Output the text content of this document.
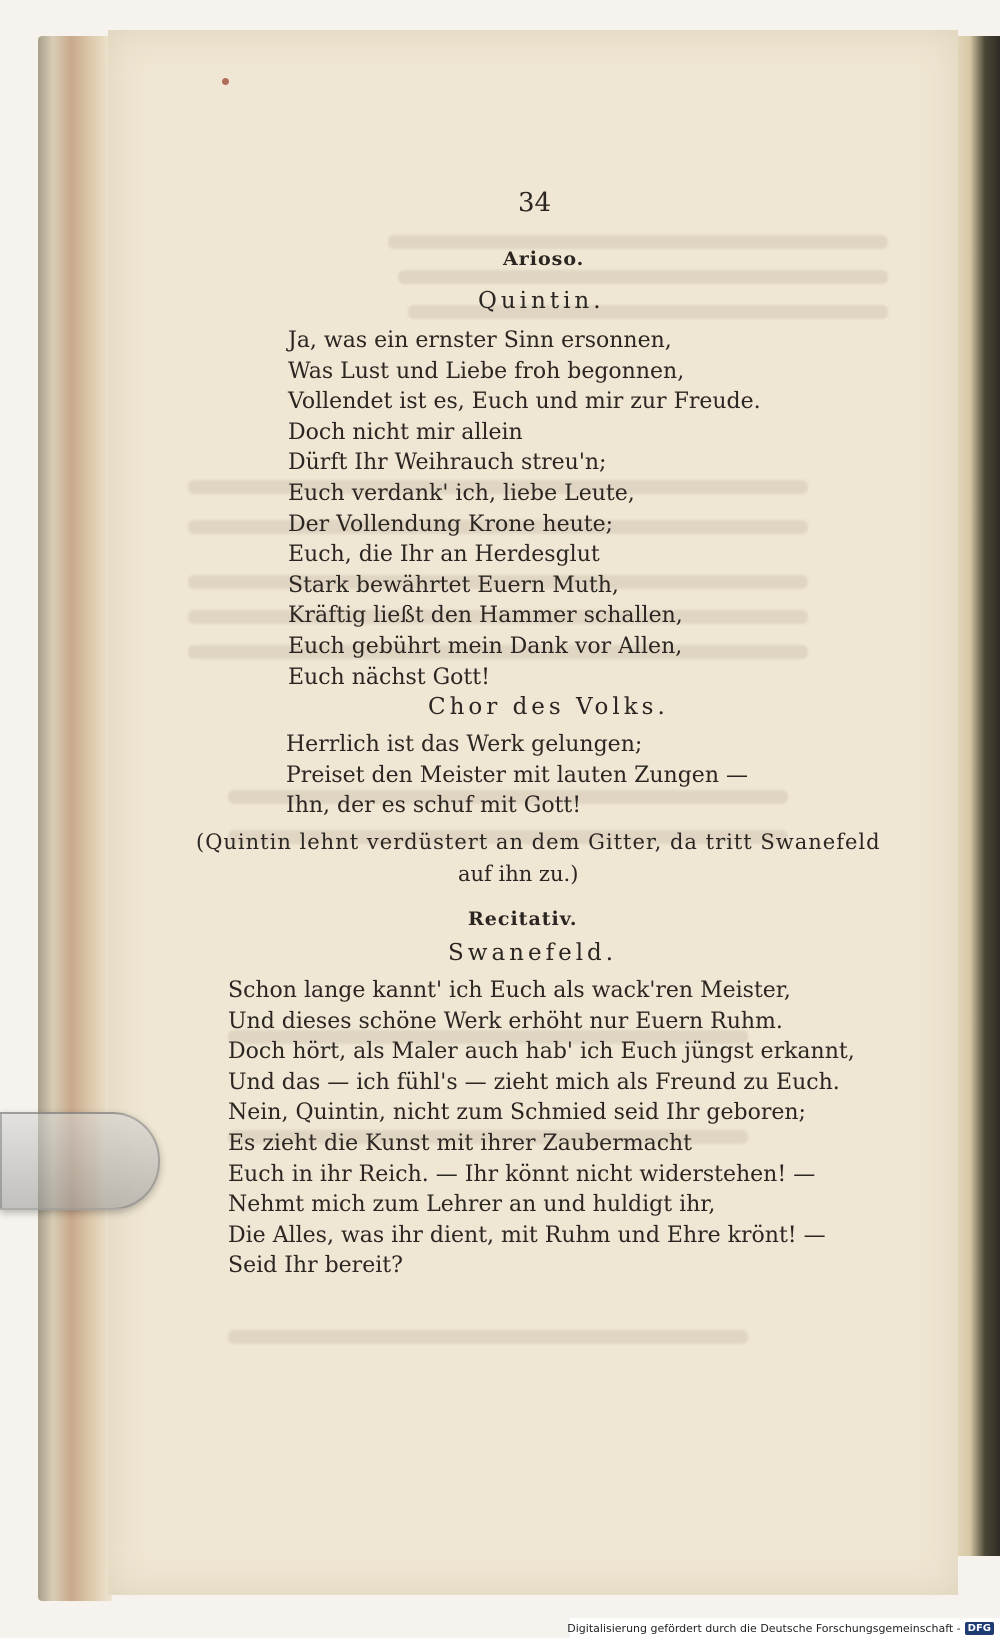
34
Arioso.
Quintin.
Ja, was ein ernster Sinn ersonnen,
Was Lust und Liebe froh begonnen,
Vollendet ist es, Euch und mir zur Freude.
Doch nicht mir allein
Dürft Ihr Weihrauch streu'n;
Euch verdank' ich, liebe Leute,
Der Vollendung Krone heute;
Euch, die Ihr an Herdesglut
Stark bewährtet Euern Muth,
Kräftig ließt den Hammer schallen,
Euch gebührt mein Dank vor Allen,
Euch nächst Gott!
Chor des Volks.
Herrlich ist das Werk gelungen;
Preiset den Meister mit lauten Zungen —
Ihn, der es schuf mit Gott!
(Quintin lehnt verdüstert an dem Gitter, da tritt Swanefeld
auf ihn zu.)
Recitativ.
Swanefeld.
Schon lange kannt' ich Euch als wack'ren Meister,
Und dieses schöne Werk erhöht nur Euern Ruhm.
Doch hört, als Maler auch hab' ich Euch jüngst erkannt,
Und das — ich fühl's — zieht mich als Freund zu Euch.
Nein, Quintin, nicht zum Schmied seid Ihr geboren;
Es zieht die Kunst mit ihrer Zaubermacht
Euch in ihr Reich. — Ihr könnt nicht widerstehen! —
Nehmt mich zum Lehrer an und huldigt ihr,
Die Alles, was ihr dient, mit Ruhm und Ehre krönt! —
Seid Ihr bereit?
Digitalisierung gefördert durch die Deutsche Forschungsgemeinschaft - DFG
